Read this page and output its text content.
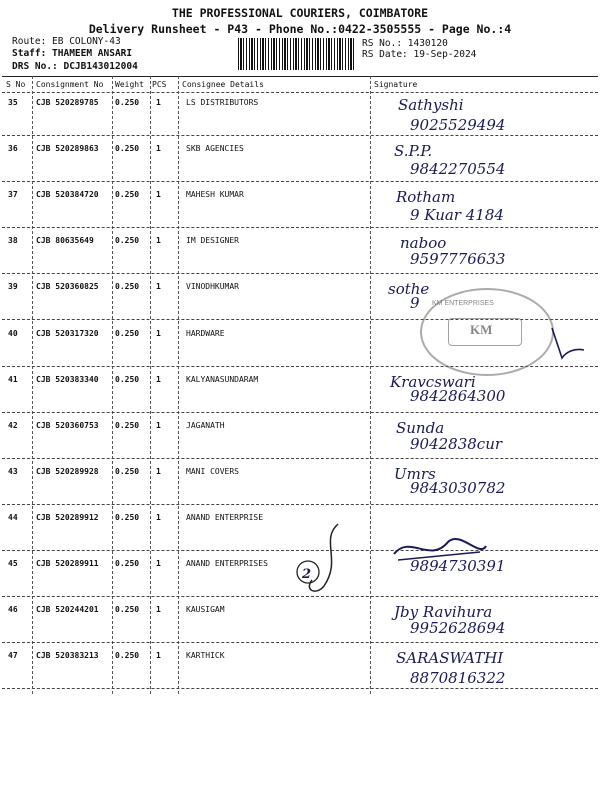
THE PROFESSIONAL COURIERS, COIMBATORE
Delivery Runsheet - P43 - Phone No.:0422-3505555 - Page No.:4
Route: EB COLONY-43
Staff: THAMEEM ANSARI
DRS No.: DCJB143012004
RS No.: 1430120
RS Date: 19-Sep-2024
S No Consignment No Weight PCS Consignee Details	Signature
35 CJB 520289785 0.250 1	LS DISTRIBUTORS	Sathyshi
9025529494
36 CJB 520289863 0.250 1	SKB AGENCIES	S.P.P.
9842270554
37 CJB 520384720 0.250 1	MAHESH KUMAR	Rotham
9 Kuar 4184
38 CJB 80635649	0.250 1	IM DESIGNER	naboo
9597776633
39 CJB 520360825 0.250 1	VINODHKUMAR	sothe
9
40 CJB 520317320 0.250 1	HARDWARE
41 CJB 520383340 0.250 1	KALYANASUNDARAM	Kravcswari
9842864300
42 CJB 520360753 0.250 1	JAGANATH	Sunda
9042838cur
43 CJB 520289928 0.250 1	MANI COVERS	Umrs
9843030782
44 CJB 520289912 0.250 1	ANAND ENTERPRISE
45 CJB 520289911 0.250 1	ANAND ENTERPRISES	9894730391
46 CJB 520244201 0.250 1	KAUSIGAM	Jby Ravihura
9952628694
47 CJB 520383213 0.250 1	KARTHICK	SARASWATHI
8870816322
KM
KM ENTERPRISES
2
